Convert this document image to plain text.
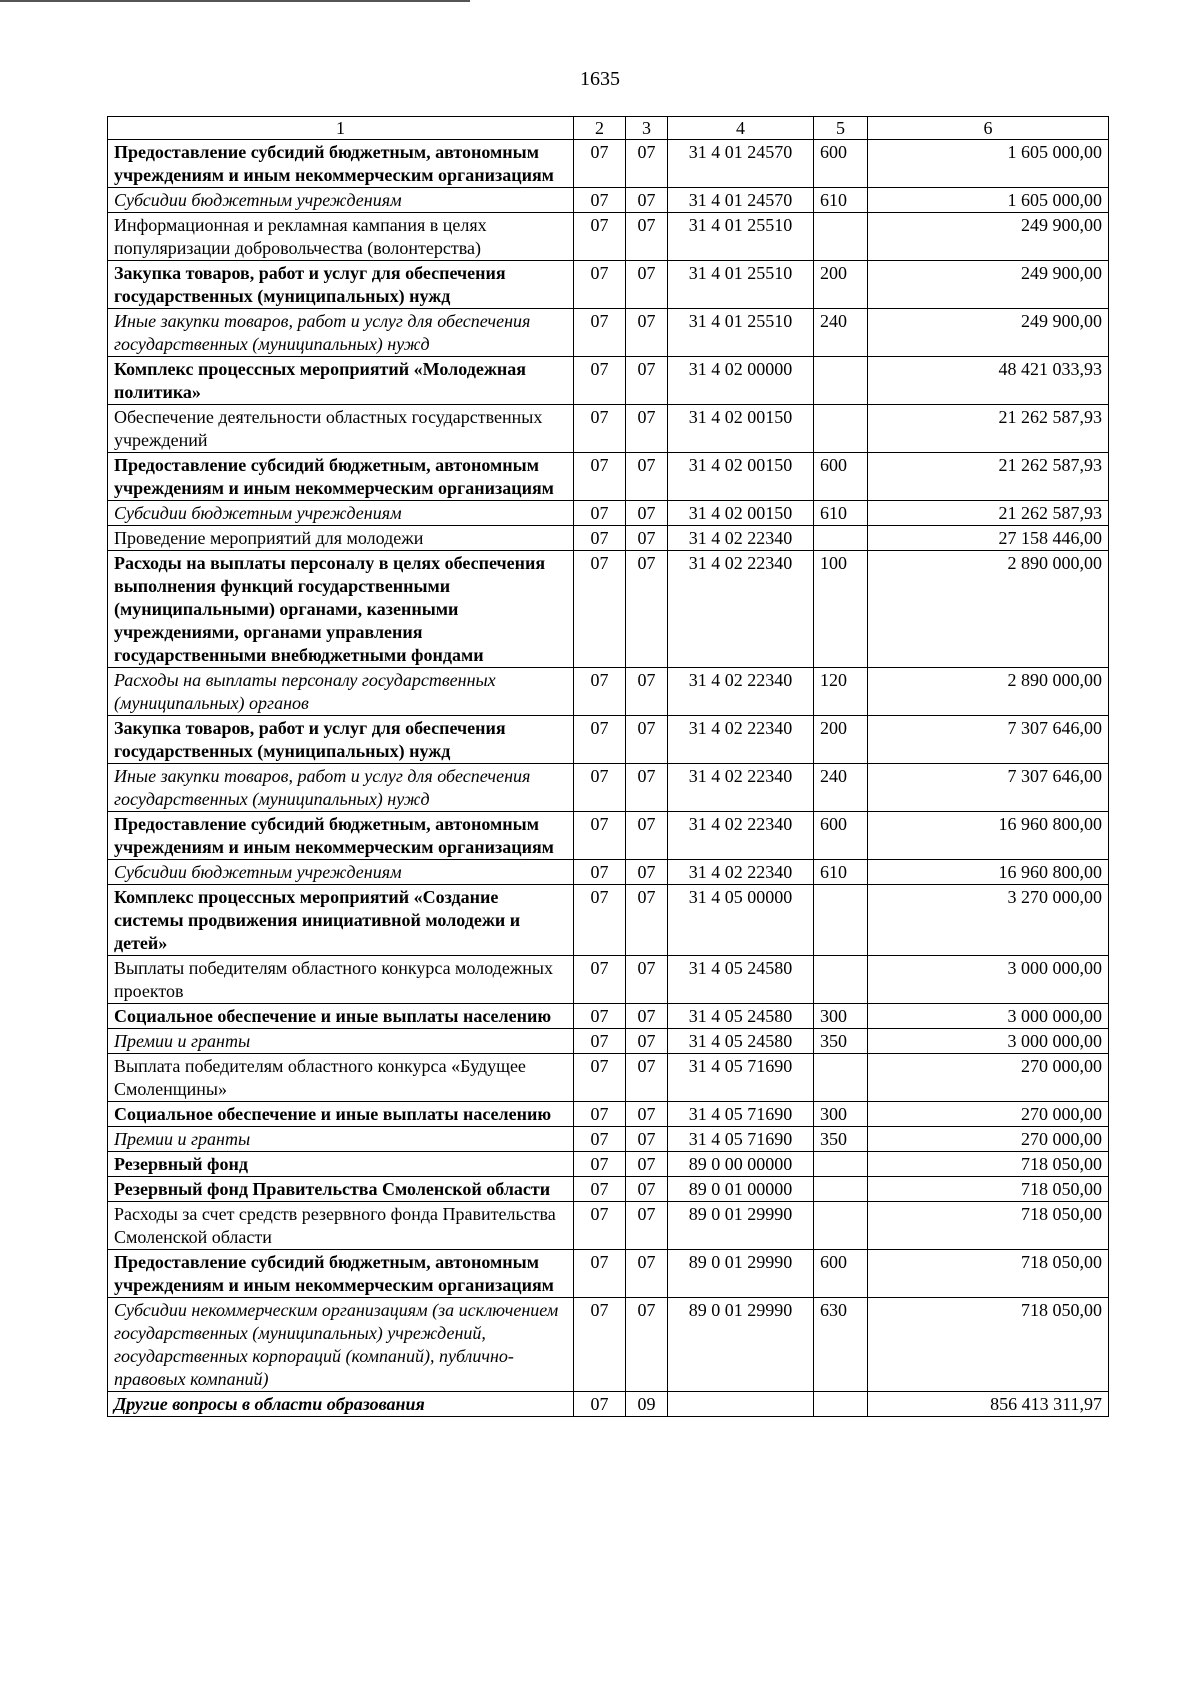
1635
1	2	3	4	5	6
Предоставление субсидий бюджетным, автономным учреждениям и иным некоммерческим организациям	07	07	31 4 01 24570	600	1 605 000,00
Субсидии бюджетным учреждениям	07	07	31 4 01 24570	610	1 605 000,00
Информационная и рекламная кампания в целях популяризации добровольчества (волонтерства)	07	07	31 4 01 25510		249 900,00
Закупка товаров, работ и услуг для обеспечения государственных (муниципальных) нужд	07	07	31 4 01 25510	200	249 900,00
Иные закупки товаров, работ и услуг для обеспечения государственных (муниципальных) нужд	07	07	31 4 01 25510	240	249 900,00
Комплекс процессных мероприятий «Молодежная политика»	07	07	31 4 02 00000		48 421 033,93
Обеспечение деятельности областных государственных учреждений	07	07	31 4 02 00150		21 262 587,93
Предоставление субсидий бюджетным, автономным учреждениям и иным некоммерческим организациям	07	07	31 4 02 00150	600	21 262 587,93
Субсидии бюджетным учреждениям	07	07	31 4 02 00150	610	21 262 587,93
Проведение мероприятий для молодежи	07	07	31 4 02 22340		27 158 446,00
Расходы на выплаты персоналу в целях обеспечения выполнения функций государственными (муниципальными) органами, казенными учреждениями, органами управления государственными внебюджетными фондами	07	07	31 4 02 22340	100	2 890 000,00
Расходы на выплаты персоналу государственных (муниципальных) органов	07	07	31 4 02 22340	120	2 890 000,00
Закупка товаров, работ и услуг для обеспечения государственных (муниципальных) нужд	07	07	31 4 02 22340	200	7 307 646,00
Иные закупки товаров, работ и услуг для обеспечения государственных (муниципальных) нужд	07	07	31 4 02 22340	240	7 307 646,00
Предоставление субсидий бюджетным, автономным учреждениям и иным некоммерческим организациям	07	07	31 4 02 22340	600	16 960 800,00
Субсидии бюджетным учреждениям	07	07	31 4 02 22340	610	16 960 800,00
Комплекс процессных мероприятий «Создание системы продвижения инициативной молодежи и детей»	07	07	31 4 05 00000		3 270 000,00
Выплаты победителям областного конкурса молодежных проектов	07	07	31 4 05 24580		3 000 000,00
Социальное обеспечение и иные выплаты населению	07	07	31 4 05 24580	300	3 000 000,00
Премии и гранты	07	07	31 4 05 24580	350	3 000 000,00
Выплата победителям областного конкурса «Будущее Смоленщины»	07	07	31 4 05 71690		270 000,00
Социальное обеспечение и иные выплаты населению	07	07	31 4 05 71690	300	270 000,00
Премии и гранты	07	07	31 4 05 71690	350	270 000,00
Резервный фонд	07	07	89 0 00 00000		718 050,00
Резервный фонд Правительства Смоленской области	07	07	89 0 01 00000		718 050,00
Расходы за счет средств резервного фонда Правительства Смоленской области	07	07	89 0 01 29990		718 050,00
Предоставление субсидий бюджетным, автономным учреждениям и иным некоммерческим организациям	07	07	89 0 01 29990	600	718 050,00
Субсидии некоммерческим организациям (за исключением государственных (муниципальных) учреждений, государственных корпораций (компаний), публично-правовых компаний)	07	07	89 0 01 29990	630	718 050,00
Другие вопросы в области образования	07	09			856 413 311,97
